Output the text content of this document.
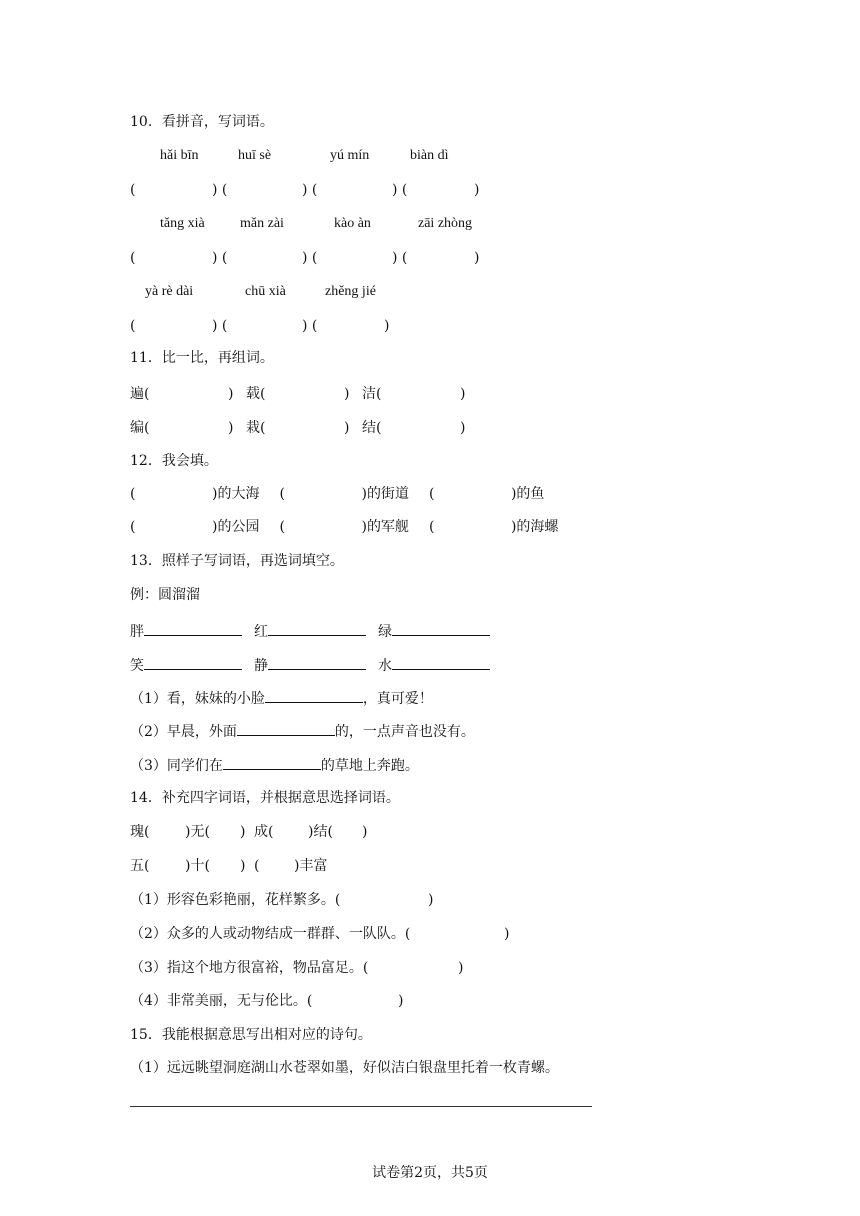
10．看拼音，写词语。
hǎi bīn	huī sè	yú mín	biàn dì
(	) (	) (	) (	)
tǎng xià	mǎn zài	kào àn	zāi zhòng
(	) (	) (	) (	)
yà rè dài	chū xià	zhěng jié
(	) (	) (	)
11．比一比，再组词。
遍(	) 载(	) 洁(	)
编(	) 栽(	) 结(	)
12．我会填。
(	)的大海 (	)的街道 (	)的鱼
(	)的公园 (	)的军舰 (	)的海螺
13．照样子写词语，再选词填空。
例：圆溜溜
胖	红	绿
笑	静	水
（1）看，妹妹的小脸	，真可爱！
（2）早晨，外面	的，一点声音也没有。
（3）同学们在	的草地上奔跑。
14．补充四字词语，并根据意思选择词语。
瑰(	)无( ) 成( )结( )
五(	)十( ) ( )丰富
（1）形容色彩艳丽，花样繁多。(	)
（2）众多的人或动物结成一群群、一队队。(	)
（3）指这个地方很富裕，物品富足。(	)
（4）非常美丽，无与伦比。(	)
15．我能根据意思写出相对应的诗句。
（1）远远眺望洞庭湖山水苍翠如墨，好似洁白银盘里托着一枚青螺。
试卷第2页，共5页
